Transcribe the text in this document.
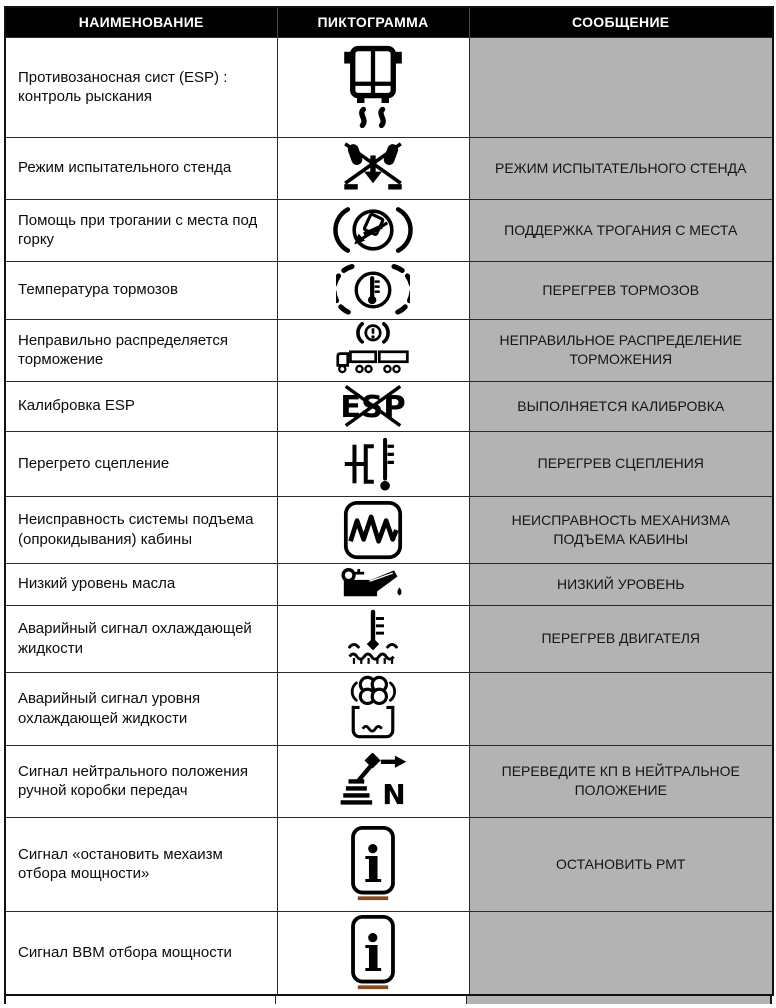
НАИМЕНОВАНИЕ	ПИКТОГРАММА	СООБЩЕНИЕ
Противозаносная сист (ESP) : контроль рыскания	

Режим испытательного стенда		РЕЖИМ ИСПЫТАТЕЛЬНОГО СТЕНДА
Помощь при трогании с места под горку		ПОДДЕРЖКА ТРОГАНИЯ С МЕСТА
Температура тормозов		ПЕРЕГРЕВ ТОРМОЗОВ
Неправильно распределяется торможение		НЕПРАВИЛЬНОЕ РАСПРЕДЕЛЕНИЕ ТОРМОЖЕНИЯ
Калибровка ESP		ВЫПОЛНЯЕТСЯ КАЛИБРОВКА
Перегрето сцепление		ПЕРЕГРЕВ СЦЕПЛЕНИЯ
Неисправность системы подъема (опрокидывания) кабины		НЕИСПРАВНОСТЬ МЕХАНИЗМА ПОДЪЕМА КАБИНЫ
Низкий уровень масла		НИЗКИЙ УРОВЕНЬ
Аварийный сигнал охлаждающей жидкости		ПЕРЕГРЕВ ДВИГАТЕЛЯ
Аварийный сигнал уровня охлаждающей жидкости	

Сигнал нейтрального положения ручной коробки передач		ПЕРЕВЕДИТЕ КП В НЕЙТРАЛЬНОЕ ПОЛОЖЕНИЕ
Сигнал «остановить мехаизм отбора мощности»		ОСТАНОВИТЬ РМТ
Сигнал ВВМ отбора мощности	
